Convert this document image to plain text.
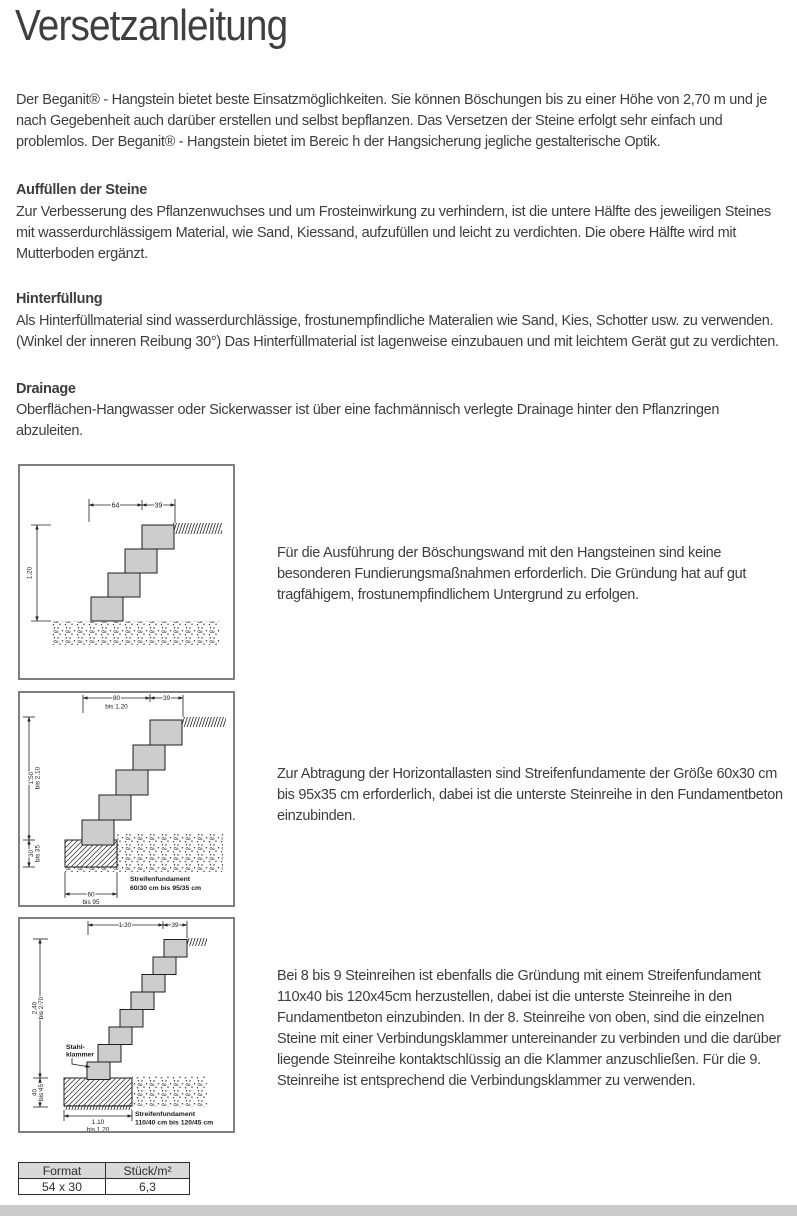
Versetzanleitung
Der Beganit® - Hangstein bietet beste Einsatzmöglichkeiten. Sie können Böschungen bis zu einer Höhe von 2,70 m und je nach Gegebenheit auch darüber erstellen und selbst bepflanzen. Das Versetzen der Steine erfolgt sehr einfach und problemlos. Der Beganit® - Hangstein bietet im Bereic h der Hangsicherung jegliche gestalterische Optik.
Auffüllen der Steine
Zur Verbesserung des Pflanzenwuchses und um Frosteinwirkung zu verhindern, ist die untere Hälfte des jeweiligen Steines mit wasserdurchlässigem Material, wie Sand, Kiessand, aufzufüllen und leicht zu verdichten. Die obere Hälfte wird mit Mutterboden ergänzt.
Hinterfüllung
Als Hinterfüllmaterial sind wasserdurchlässige, frostunempfindliche Materalien wie Sand, Kies, Schotter usw. zu verwenden. (Winkel der inneren Reibung 30°) Das Hinterfüllmaterial ist lagenweise einzubauen und mit leichtem Gerät gut zu verdichten.
Drainage
Oberflächen-Hangwasser oder Sickerwasser ist über eine fachmännisch verlegte Drainage hinter den Pflanzringen abzuleiten.
64	39
1,20
Für die Ausführung der Böschungswand mit den Hangsteinen sind keine besonderen Fundierungsmaßnahmen erforderlich. Die Gründung hat auf gut tragfähigem, frostunempfindlichem Untergrund zu erfolgen.
80
bis 1.20
39
1.50 bis 2.10
30 bis 35
60
bis 95
Streifenfundament
60/30 cm bis 95/35 cm
Zur Abtragung der Horizontallasten sind Streifenfundamente der Größe 60x30 cm bis 95x35 cm erforderlich, dabei ist die unterste Steinreihe in den Fundamentbeton einzubinden.
1.30	39
2.40 bis 2.70
40 bis 45
Stahl-
klammer
1.10
bis 1.20
Streifenfundament
110/40 cm bis 120/45 cm
Bei 8 bis 9 Steinreihen ist ebenfalls die Gründung mit einem Streifenfundament 110x40 bis 120x45cm herzustellen, dabei ist die unterste Steinreihe in den Fundamentbeton einzubinden. In der 8. Steinreihe von oben, sind die einzelnen Steine mit einer Verbindungsklammer untereinander zu verbinden und die darüber liegende Steinreihe kontaktschlüssig an die Klammer anzuschließen. Für die 9. Steinreihe ist entsprechend die Verbindungsklammer zu verwenden.
Format	Stück/m²
54 x 30	6,3
